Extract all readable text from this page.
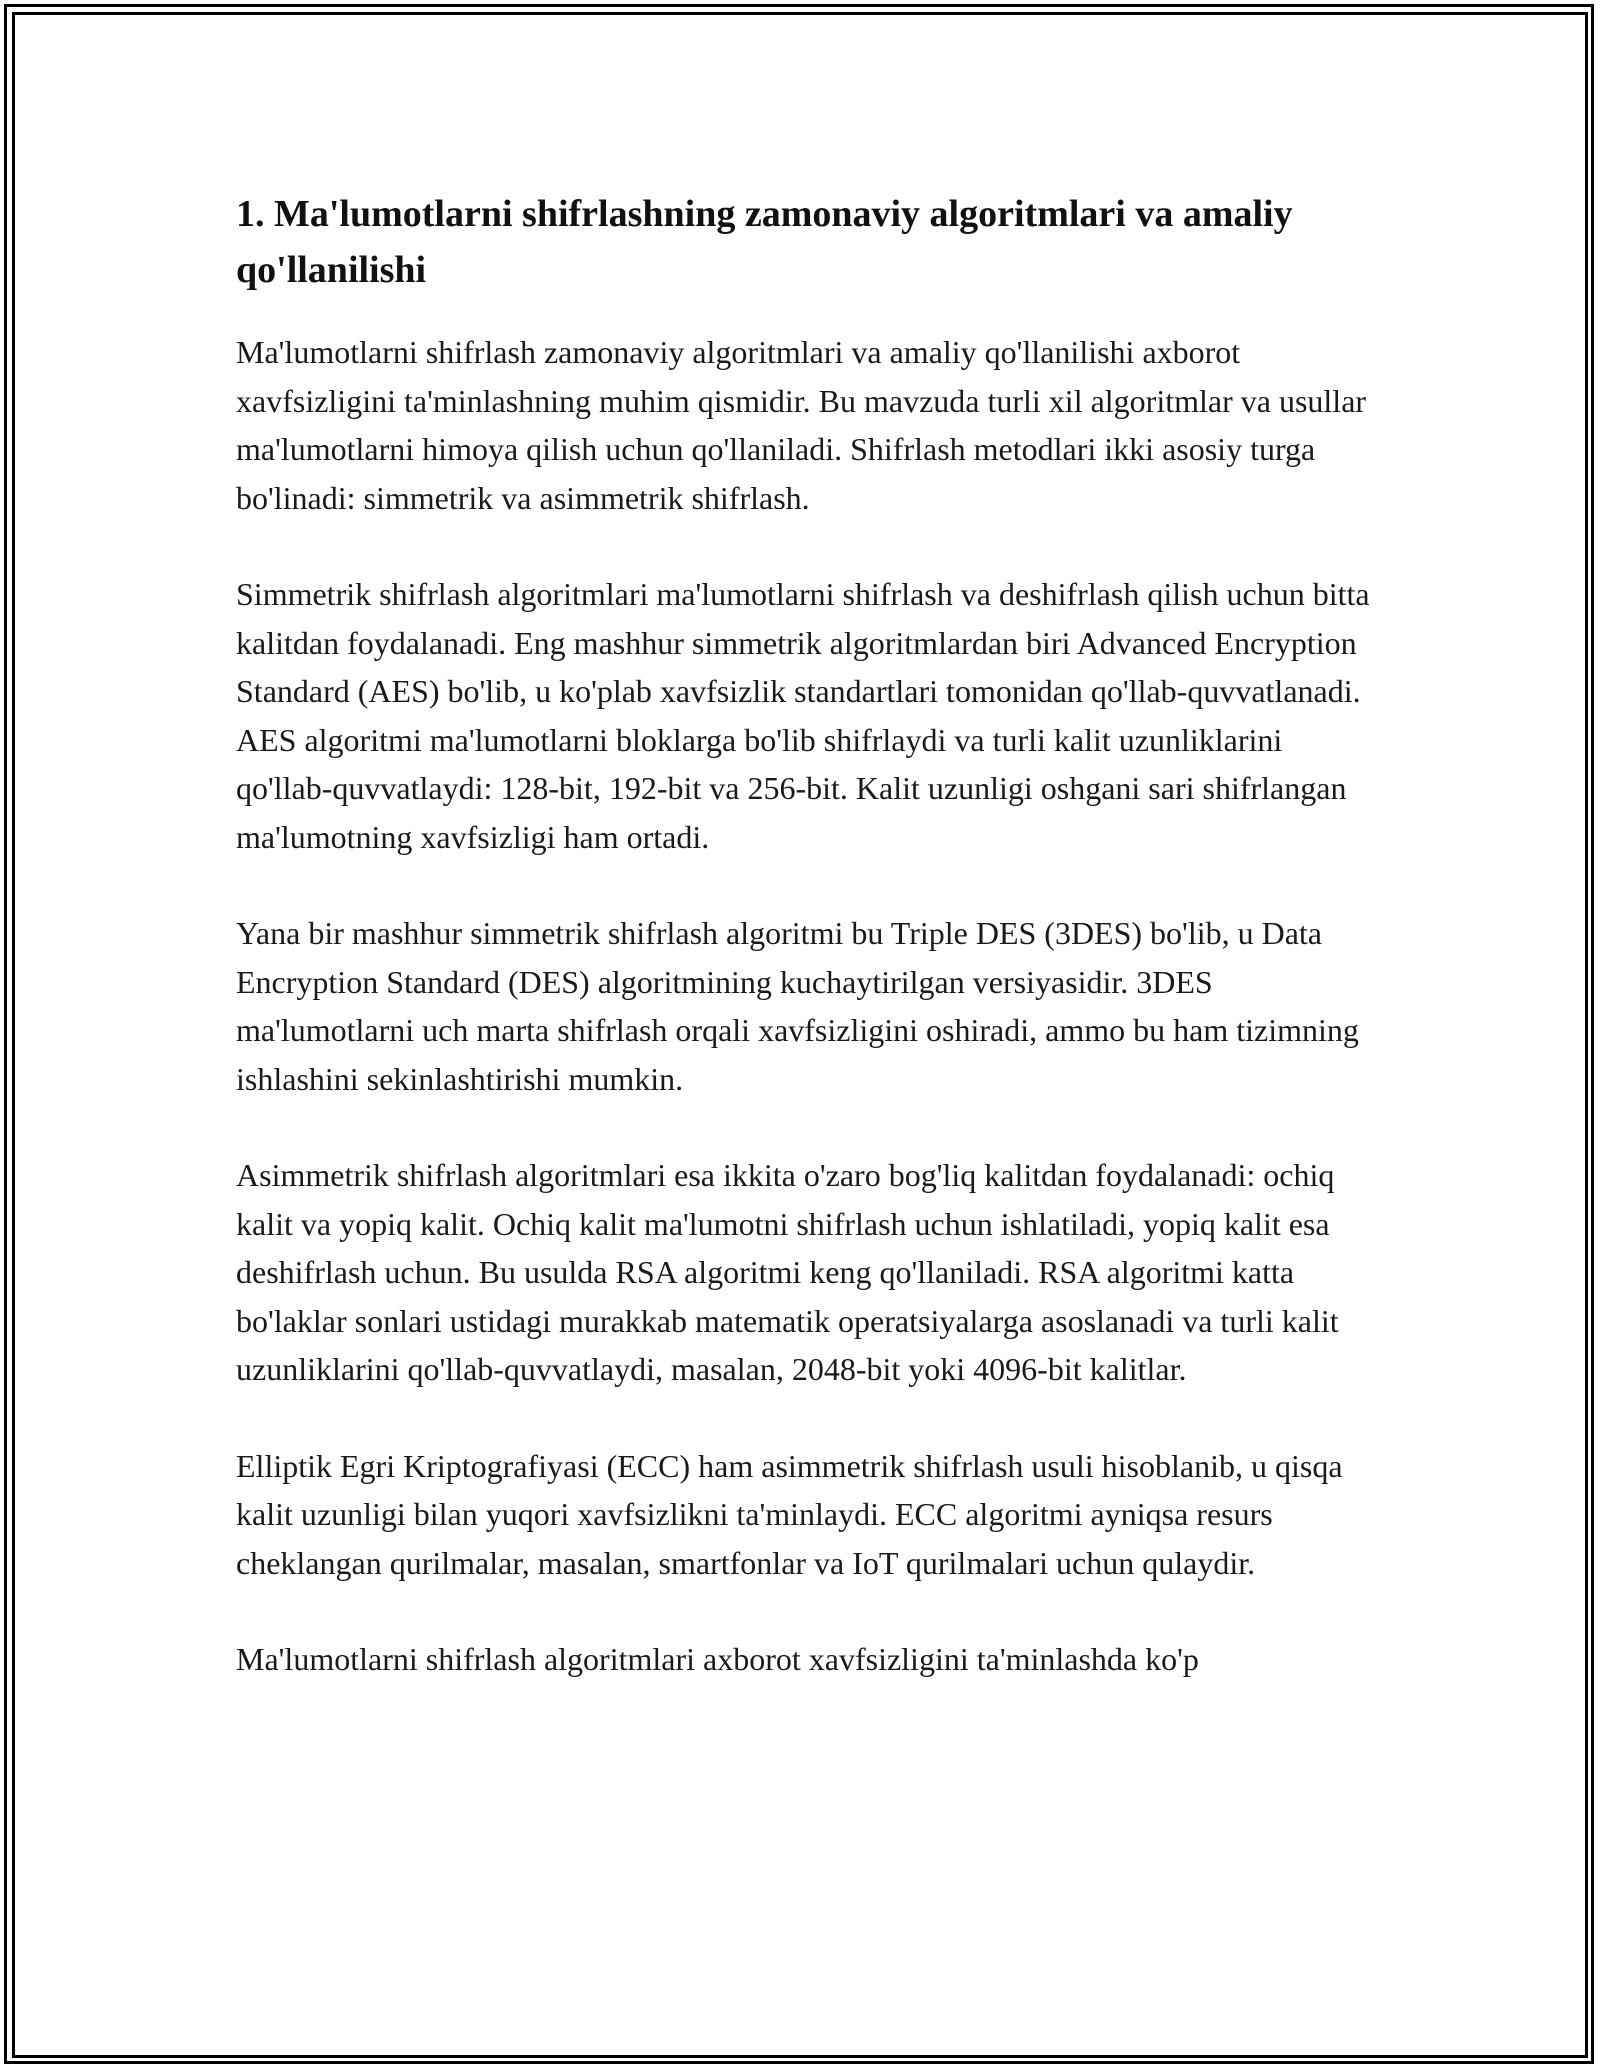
1. Ma'lumotlarni shifrlashning zamonaviy algoritmlari va amaliy qo'llanilishi

Ma'lumotlarni shifrlash zamonaviy algoritmlari va amaliy qo'llanilishi axborot xavfsizligini ta'minlashning muhim qismidir. Bu mavzuda turli xil algoritmlar va usullar ma'lumotlarni himoya qilish uchun qo'llaniladi. Shifrlash metodlari ikki asosiy turga bo'linadi: simmetrik va asimmetrik shifrlash.

Simmetrik shifrlash algoritmlari ma'lumotlarni shifrlash va deshifrlash qilish uchun bitta kalitdan foydalanadi. Eng mashhur simmetrik algoritmlardan biri Advanced Encryption Standard (AES) bo'lib, u ko'plab xavfsizlik standartlari tomonidan qo'llab-quvvatlanadi. AES algoritmi ma'lumotlarni bloklarga bo'lib shifrlaydi va turli kalit uzunliklarini qo'llab-quvvatlaydi: 128-bit, 192-bit va 256-bit. Kalit uzunligi oshgani sari shifrlangan ma'lumotning xavfsizligi ham ortadi.

Yana bir mashhur simmetrik shifrlash algoritmi bu Triple DES (3DES) bo'lib, u Data Encryption Standard (DES) algoritmining kuchaytirilgan versiyasidir. 3DES ma'lumotlarni uch marta shifrlash orqali xavfsizligini oshiradi, ammo bu ham tizimning ishlashini sekinlashtirishi mumkin.

Asimmetrik shifrlash algoritmlari esa ikkita o'zaro bog'liq kalitdan foydalanadi: ochiq kalit va yopiq kalit. Ochiq kalit ma'lumotni shifrlash uchun ishlatiladi, yopiq kalit esa deshifrlash uchun. Bu usulda RSA algoritmi keng qo'llaniladi. RSA algoritmi katta bo'laklar sonlari ustidagi murakkab matematik operatsiyalarga asoslanadi va turli kalit uzunliklarini qo'llab-quvvatlaydi, masalan, 2048-bit yoki 4096-bit kalitlar.

Elliptik Egri Kriptografiyasi (ECC) ham asimmetrik shifrlash usuli hisoblanib, u qisqa kalit uzunligi bilan yuqori xavfsizlikni ta'minlaydi. ECC algoritmi ayniqsa resurs cheklangan qurilmalar, masalan, smartfonlar va IoT qurilmalari uchun qulaydir.

Ma'lumotlarni shifrlash algoritmlari axborot xavfsizligini ta'minlashda ko'p
